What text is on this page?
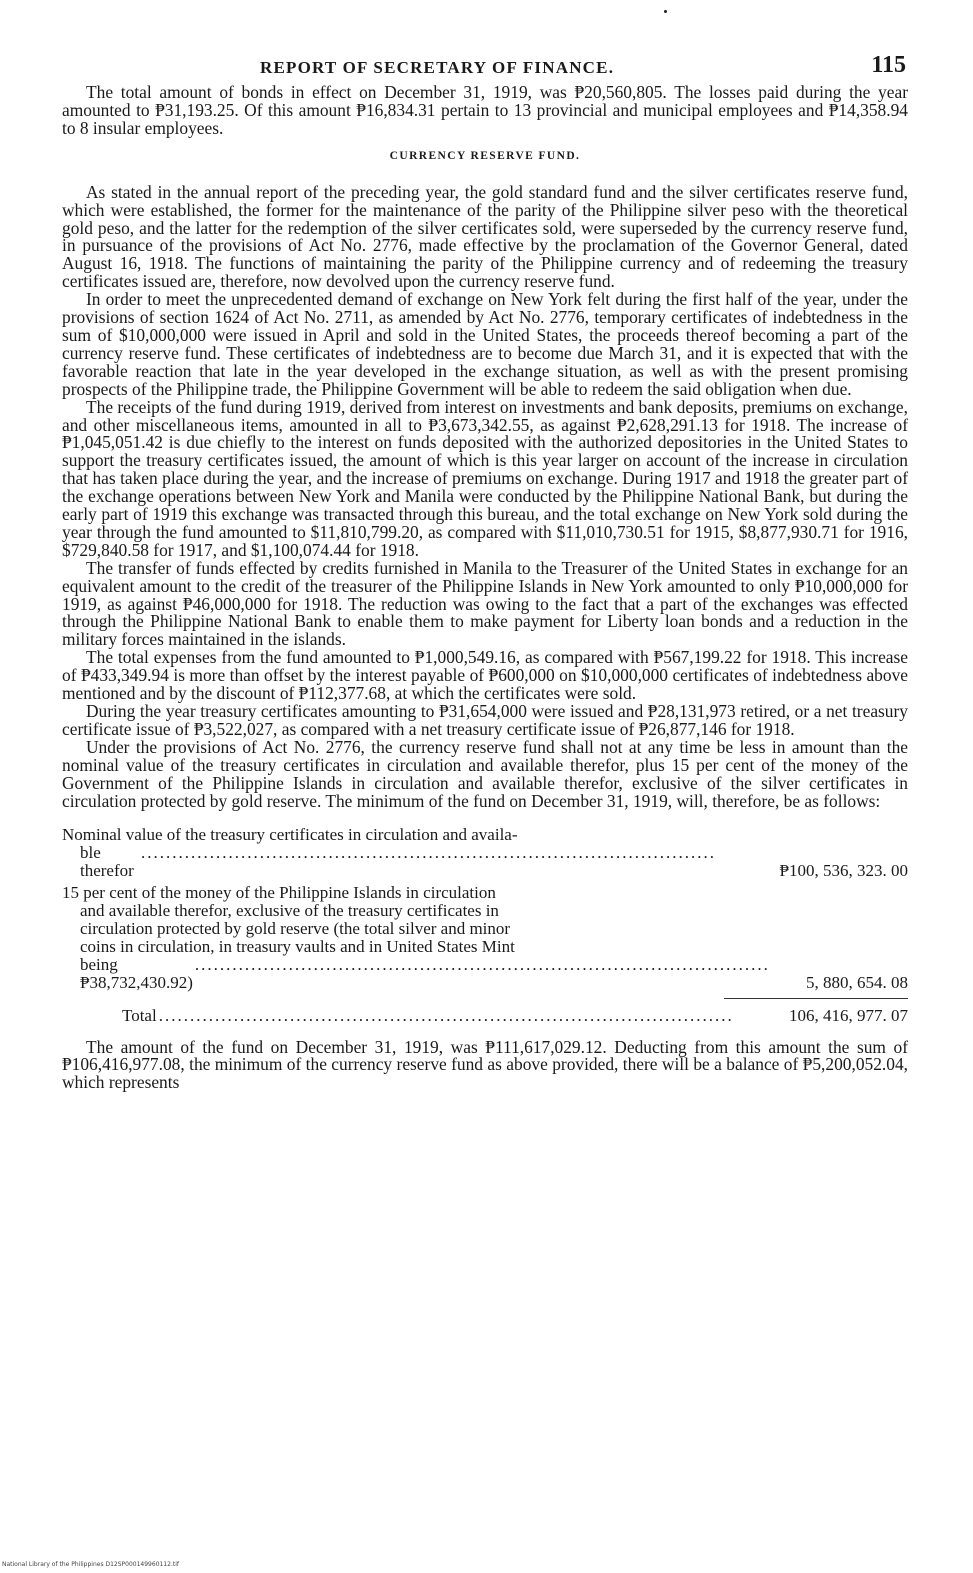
REPORT OF SECRETARY OF FINANCE.	115

The total amount of bonds in effect on December 31, 1919, was ₱20,560,805. The losses paid during the year amounted to ₱31,193.25. Of this amount ₱16,834.31 pertain to 13 provincial and municipal employees and ₱14,358.94 to 8 insular employees.

CURRENCY RESERVE FUND.

As stated in the annual report of the preceding year, the gold standard fund and the silver certificates reserve fund, which were established, the former for the maintenance of the parity of the Philippine silver peso with the theoretical gold peso, and the latter for the redemption of the silver certificates sold, were superseded by the currency reserve fund, in pursuance of the provisions of Act No. 2776, made effective by the proclamation of the Governor General, dated August 16, 1918. The functions of maintaining the parity of the Philippine currency and of redeeming the treasury certificates issued are, therefore, now devolved upon the currency reserve fund.

In order to meet the unprecedented demand of exchange on New York felt during the first half of the year, under the provisions of section 1624 of Act No. 2711, as amended by Act No. 2776, temporary certificates of indebtedness in the sum of $10,000,000 were issued in April and sold in the United States, the proceeds thereof becoming a part of the currency reserve fund. These certificates of indebtedness are to become due March 31, and it is expected that with the favorable reaction that late in the year developed in the exchange situation, as well as with the present promising prospects of the Philippine trade, the Philippine Government will be able to redeem the said obligation when due.

The receipts of the fund during 1919, derived from interest on investments and bank deposits, premiums on exchange, and other miscellaneous items, amounted in all to ₱3,673,342.55, as against ₱2,628,291.13 for 1918. The increase of ₱1,045,051.42 is due chiefly to the interest on funds deposited with the authorized depositories in the United States to support the treasury certificates issued, the amount of which is this year larger on account of the increase in circulation that has taken place during the year, and the increase of premiums on exchange. During 1917 and 1918 the greater part of the exchange operations between New York and Manila were conducted by the Philippine National Bank, but during the early part of 1919 this exchange was transacted through this bureau, and the total exchange on New York sold during the year through the fund amounted to $11,810,799.20, as compared with $11,010,730.51 for 1915, $8,877,930.71 for 1916, $729,840.58 for 1917, and $1,100,074.44 for 1918.

The transfer of funds effected by credits furnished in Manila to the Treasurer of the United States in exchange for an equivalent amount to the credit of the treasurer of the Philippine Islands in New York amounted to only ₱10,000,000 for 1919, as against ₱46,000,000 for 1918. The reduction was owing to the fact that a part of the exchanges was effected through the Philippine National Bank to enable them to make payment for Liberty loan bonds and a reduction in the military forces maintained in the islands.

The total expenses from the fund amounted to ₱1,000,549.16, as compared with ₱567,199.22 for 1918. This increase of ₱433,349.94 is more than offset by the interest payable of ₱600,000 on $10,000,000 certificates of indebtedness above mentioned and by the discount of ₱112,377.68, at which the certificates were sold.

During the year treasury certificates amounting to ₱31,654,000 were issued and ₱28,131,973 retired, or a net treasury certificate issue of ₱3,522,027, as compared with a net treasury certificate issue of ₱26,877,146 for 1918.

Under the provisions of Act No. 2776, the currency reserve fund shall not at any time be less in amount than the nominal value of the treasury certificates in circulation and available therefor, plus 15 per cent of the money of the Government of the Philippine Islands in circulation and available therefor, exclusive of the silver certificates in circulation protected by gold reserve. The minimum of the fund on December 31, 1919, will, therefore, be as follows:

Nominal value of the treasury certificates in circulation and availa-
ble therefor
............................................................................................
₱100, 536, 323. 00
15 per cent of the money of the Philippine Islands in circulation
and available therefor, exclusive of the treasury certificates in
circulation protected by gold reserve (the total silver and minor
coins in circulation, in treasury vaults and in United States Mint
being ₱38,732,430.92)
............................................................................................
5, 880, 654. 08
Total ............................................................................................	106, 416, 977. 07

The amount of the fund on December 31, 1919, was ₱111,617,029.12. Deducting from this amount the sum of ₱106,416,977.08, the minimum of the currency reserve fund as above provided, there will be a balance of ₱5,200,052.04, which represents

National Library of the Philippines D12SP000149960112.tif
